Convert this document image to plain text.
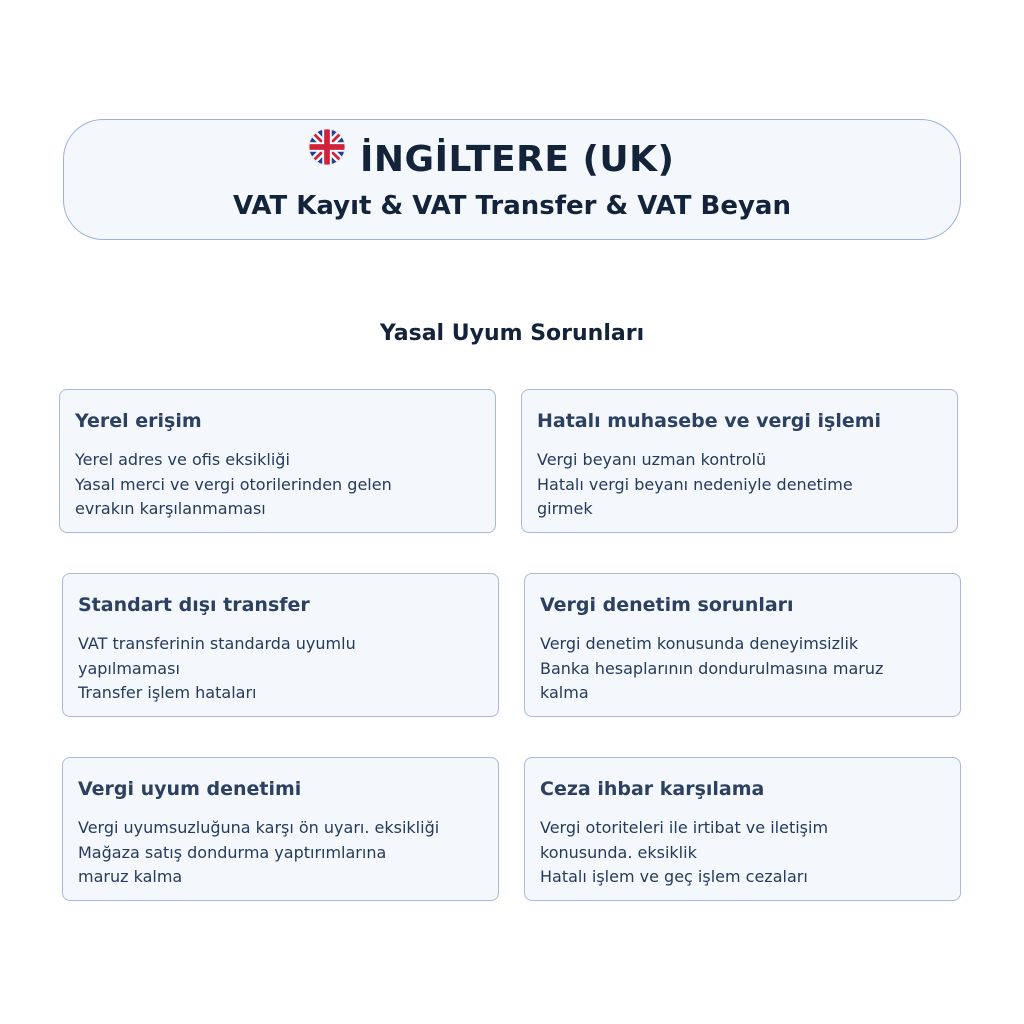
İNGİLTERE (UK)
VAT Kayıt & VAT Transfer & VAT Beyan
Yasal Uyum Sorunları
Yerel erişim
Yerel adres ve ofis eksikliği
Yasal merci ve vergi otorilerinden gelen
evrakın karşılanmaması
Hatalı muhasebe ve vergi işlemi
Vergi beyanı uzman kontrolü
Hatalı vergi beyanı nedeniyle denetime
girmek
Standart dışı transfer
VAT transferinin standarda uyumlu
yapılmaması
Transfer işlem hataları
Vergi denetim sorunları
Vergi denetim konusunda deneyimsizlik
Banka hesaplarının dondurulmasına maruz
kalma
Vergi uyum denetimi
Vergi uyumsuzluğuna karşı ön uyarı. eksikliği
Mağaza satış dondurma yaptırımlarına
maruz kalma
Ceza ihbar karşılama
Vergi otoriteleri ile irtibat ve iletişim
konusunda. eksiklik
Hatalı işlem ve geç işlem cezaları
